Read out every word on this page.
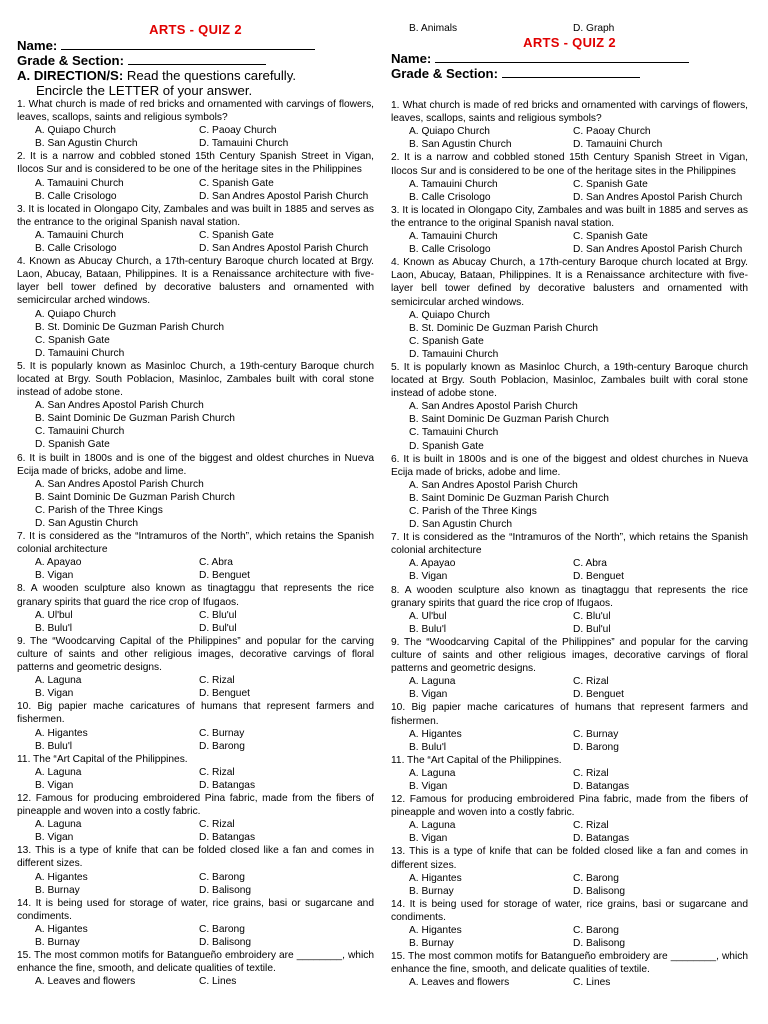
ARTS - QUIZ 2
Name:
Grade & Section:
A. DIRECTION/S: Read the questions carefully.
Encircle the LETTER of your answer.
1. What church is made of red bricks and ornamented with carvings of flowers, leaves, scallops, saints and religious symbols?
A. Quiapo Church	C. Paoay Church
B. San Agustin Church	D. Tamauini Church
2. It is a narrow and cobbled stoned 15th Century Spanish Street in Vigan, Ilocos Sur and is considered to be one of the heritage sites in the Philippines
A. Tamauini Church	C. Spanish Gate
B. Calle Crisologo	D. San Andres Apostol Parish Church
3. It is located in Olongapo City, Zambales and was built in 1885 and serves as the entrance to the original Spanish naval station.
A. Tamauini Church	C. Spanish Gate
B. Calle Crisologo	D. San Andres Apostol Parish Church
4. Known as Abucay Church, a 17th-century Baroque church located at Brgy. Laon, Abucay, Bataan, Philippines. It is a Renaissance architecture with five-layer bell tower defined by decorative balusters and ornamented with semicircular arched windows.
A. Quiapo Church
B. St. Dominic De Guzman Parish Church
C. Spanish Gate
D. Tamauini Church
5. It is popularly known as Masinloc Church, a 19th-century Baroque church located at Brgy. South Poblacion, Masinloc, Zambales built with coral stone instead of adobe stone.
A. San Andres Apostol Parish Church
B. Saint Dominic De Guzman Parish Church
C. Tamauini Church
D. Spanish Gate
6. It is built in 1800s and is one of the biggest and oldest churches in Nueva Ecija made of bricks, adobe and lime.
A. San Andres Apostol Parish Church
B. Saint Dominic De Guzman Parish Church
C. Parish of the Three Kings
D. San Agustin Church
7. It is considered as the “Intramuros of the North”, which retains the Spanish colonial architecture
A. Apayao	C. Abra
B. Vigan	D. Benguet
8. A wooden sculpture also known as tinagtaggu that represents the rice granary spirits that guard the rice crop of Ifugaos.
A. Ul'bul	C. Blu'ul
B. Bulu'l	D. Bul'ul
9. The “Woodcarving Capital of the Philippines” and popular for the carving culture of saints and other religious images, decorative carvings of floral patterns and geometric designs.
A. Laguna	C. Rizal
B. Vigan	D. Benguet
10. Big papier mache caricatures of humans that represent farmers and fishermen.
A. Higantes	C. Burnay
B. Bulu'l	D. Barong
11. The “Art Capital of the Philippines.
A. Laguna	C. Rizal
B. Vigan	D. Batangas
12. Famous for producing embroidered Pina fabric, made from the fibers of pineapple and woven into a costly fabric.
A. Laguna	C. Rizal
B. Vigan	D. Batangas
13. This is a type of knife that can be folded closed like a fan and comes in different sizes.
A. Higantes	C. Barong
B. Burnay	D. Balisong
14. It is being used for storage of water, rice grains, basi or sugarcane and condiments.
A. Higantes	C. Barong
B. Burnay	D. Balisong
15. The most common motifs for Batangueño embroidery are ________, which enhance the fine, smooth, and delicate qualities of textile.
A. Leaves and flowers	C. Lines
B. Animals	D. Graph
ARTS - QUIZ 2
Name:
Grade & Section:
1. What church is made of red bricks and ornamented with carvings of flowers, leaves, scallops, saints and religious symbols?
A. Quiapo Church	C. Paoay Church
B. San Agustin Church	D. Tamauini Church
2. It is a narrow and cobbled stoned 15th Century Spanish Street in Vigan, Ilocos Sur and is considered to be one of the heritage sites in the Philippines
A. Tamauini Church	C. Spanish Gate
B. Calle Crisologo	D. San Andres Apostol Parish Church
3. It is located in Olongapo City, Zambales and was built in 1885 and serves as the entrance to the original Spanish naval station.
A. Tamauini Church	C. Spanish Gate
B. Calle Crisologo	D. San Andres Apostol Parish Church
4. Known as Abucay Church, a 17th-century Baroque church located at Brgy. Laon, Abucay, Bataan, Philippines. It is a Renaissance architecture with five-layer bell tower defined by decorative balusters and ornamented with semicircular arched windows.
A. Quiapo Church
B. St. Dominic De Guzman Parish Church
C. Spanish Gate
D. Tamauini Church
5. It is popularly known as Masinloc Church, a 19th-century Baroque church located at Brgy. South Poblacion, Masinloc, Zambales built with coral stone instead of adobe stone.
A. San Andres Apostol Parish Church
B. Saint Dominic De Guzman Parish Church
C. Tamauini Church
D. Spanish Gate
6. It is built in 1800s and is one of the biggest and oldest churches in Nueva Ecija made of bricks, adobe and lime.
A. San Andres Apostol Parish Church
B. Saint Dominic De Guzman Parish Church
C. Parish of the Three Kings
D. San Agustin Church
7. It is considered as the “Intramuros of the North”, which retains the Spanish colonial architecture
A. Apayao	C. Abra
B. Vigan	D. Benguet
8. A wooden sculpture also known as tinagtaggu that represents the rice granary spirits that guard the rice crop of Ifugaos.
A. Ul'bul	C. Blu'ul
B. Bulu'l	D. Bul'ul
9. The “Woodcarving Capital of the Philippines” and popular for the carving culture of saints and other religious images, decorative carvings of floral patterns and geometric designs.
A. Laguna	C. Rizal
B. Vigan	D. Benguet
10. Big papier mache caricatures of humans that represent farmers and fishermen.
A. Higantes	C. Burnay
B. Bulu'l	D. Barong
11. The “Art Capital of the Philippines.
A. Laguna	C. Rizal
B. Vigan	D. Batangas
12. Famous for producing embroidered Pina fabric, made from the fibers of pineapple and woven into a costly fabric.
A. Laguna	C. Rizal
B. Vigan	D. Batangas
13. This is a type of knife that can be folded closed like a fan and comes in different sizes.
A. Higantes	C. Barong
B. Burnay	D. Balisong
14. It is being used for storage of water, rice grains, basi or sugarcane and condiments.
A. Higantes	C. Barong
B. Burnay	D. Balisong
15. The most common motifs for Batangueño embroidery are ________, which enhance the fine, smooth, and delicate qualities of textile.
A. Leaves and flowers	C. Lines
